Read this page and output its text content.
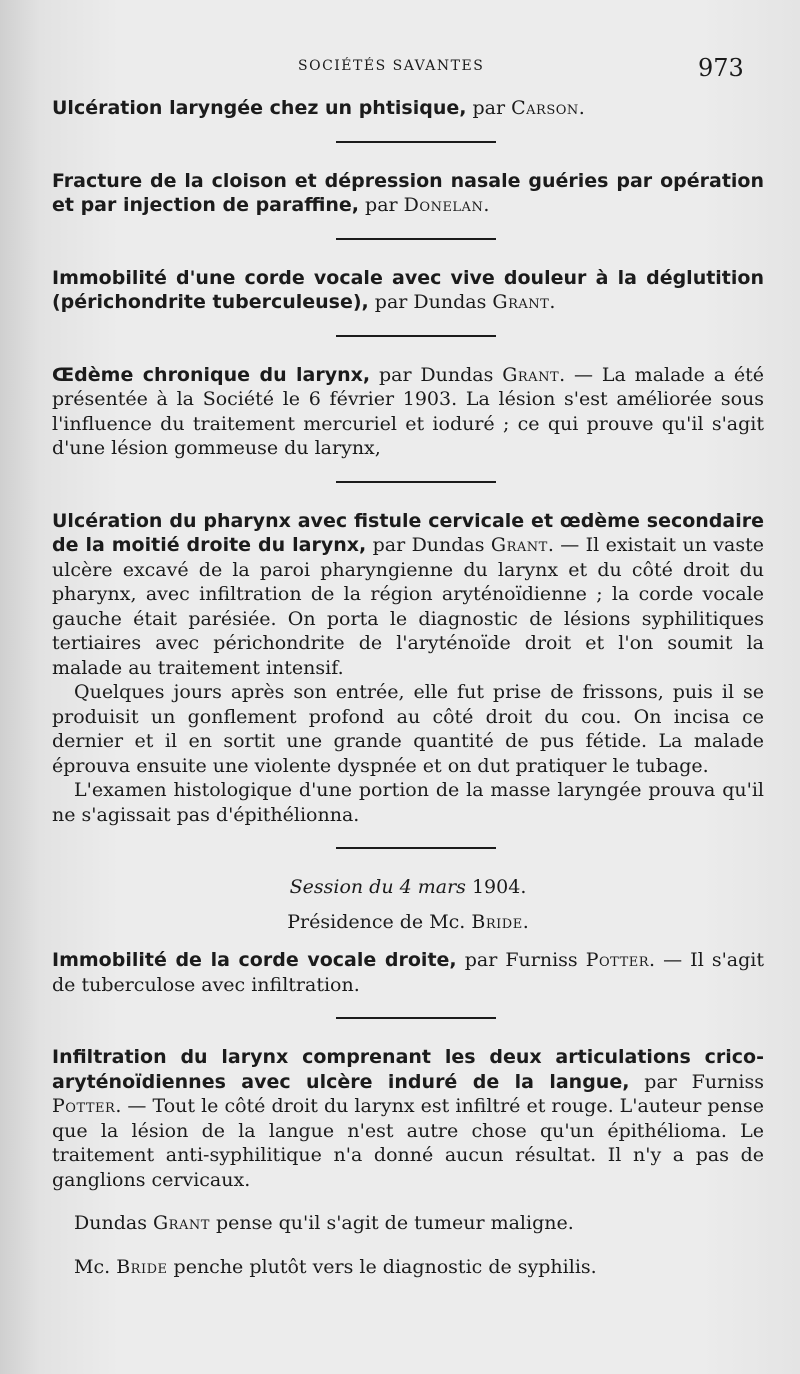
SOCIÉTÉS SAVANTES	973
Ulcération laryngée chez un phtisique, par Carson.
Fracture de la cloison et dépression nasale guéries par opération et par injection de paraffine, par Donelan.
Immobilité d'une corde vocale avec vive douleur à la déglutition (périchondrite tuberculeuse), par Dundas Grant.
Œdème chronique du larynx, par Dundas Grant. — La malade a été présentée à la Société le 6 février 1903. La lésion s'est améliorée sous l'influence du traitement mercuriel et ioduré ; ce qui prouve qu'il s'agit d'une lésion gommeuse du larynx,

Ulcération du pharynx avec fistule cervicale et œdème secondaire de la moitié droite du larynx, par Dundas Grant. — Il existait un vaste ulcère excavé de la paroi pharyngienne du larynx et du côté droit du pharynx, avec infiltration de la région aryténoïdienne ; la corde vocale gauche était parésiée. On porta le diagnostic de lésions syphilitiques tertiaires avec périchondrite de l'aryténoïde droit et l'on soumit la malade au traitement intensif.

Quelques jours après son entrée, elle fut prise de frissons, puis il se produisit un gonflement profond au côté droit du cou. On incisa ce dernier et il en sortit une grande quantité de pus fétide. La malade éprouva ensuite une violente dyspnée et on dut pratiquer le tubage.

L'examen histologique d'une portion de la masse laryngée prouva qu'il ne s'agissait pas d'épithélionna.

Session du 4 mars 1904.
Présidence de Mc. Bride.
Immobilité de la corde vocale droite, par Furniss Potter. — Il s'agit de tuberculose avec infiltration.
Infiltration du larynx comprenant les deux articulations crico-aryténoïdiennes avec ulcère induré de la langue, par Furniss Potter. — Tout le côté droit du larynx est infiltré et rouge. L'auteur pense que la lésion de la langue n'est autre chose qu'un épithélioma. Le traitement anti-syphilitique n'a donné aucun résultat. Il n'y a pas de ganglions cervicaux.

Dundas Grant pense qu'il s'agit de tumeur maligne.

Mc. Bride penche plutôt vers le diagnostic de syphilis.
